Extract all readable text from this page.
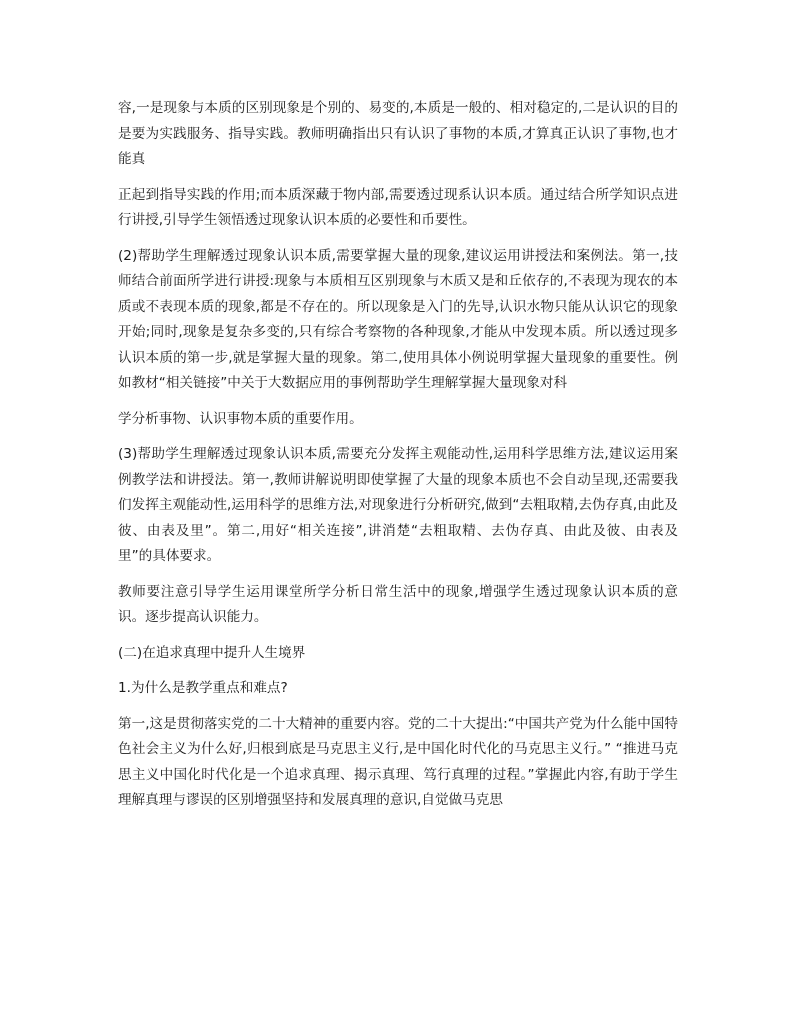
容,一是现象与本质的区别现象是个别的、易变的,本质是一般的、相对稳定的,二是认识的目的是要为实践服务、指导实践。教师明确指出只有认识了事物的本质,才算真正认识了事物,也才能真

正起到指导实践的作用;而本质深藏于物内部,需要透过现系认识本质。通过结合所学知识点进行讲授,引导学生领悟透过现象认识本质的必要性和币要性。

(2)帮助学生理解透过现象认识本质,需要掌握大量的现象,建议运用讲授法和案例法。第一,技师结合前面所学进行讲授:现象与本质相互区别现象与木质又是和丘依存的,不表现为现农的本质或不表现本质的现象,都是不存在的。所以现象是入门的先导,认识水物只能从认识它的现象开始;同时,现象是复杂多变的,只有综合考察物的各种现象,才能从中发现本质。所以透过现多认识本质的第一步,就是掌握大量的现象。第二,使用具体小例说明掌握大量现象的重要性。例如教材“相关链接”中关于大数据应用的事例帮助学生理解掌握大量现象对科

学分析事物、认识事物本质的重要作用。

(3)帮助学生理解透过现象认识本质,需要充分发挥主观能动性,运用科学思维方法,建议运用案例教学法和讲授法。第一,教师讲解说明即使掌握了大量的现象本质也不会自动呈现,还需要我们发挥主观能动性,运用科学的思维方法,对现象进行分析研究,做到“去粗取精,去伪存真,由此及彼、由表及里”。第二,用好“相关连接”,讲消楚“去粗取精、去伪存真、由此及彼、由表及里”的具体要求。

教师要注意引导学生运用课堂所学分析日常生活中的现象,增强学生透过现象认识本质的意识。逐步提高认识能力。

(二)在追求真理中提升人生境界

1.为什么是教学重点和难点?

第一,这是贯彻落实党的二十大精神的重要内容。党的二十大提出:“中国共产党为什么能中国特色社会主义为什么好,归根到底是马克思主义行,是中国化时代化的马克思主义行。” “推进马克思主义中国化时代化是一个追求真理、揭示真理、笃行真理的过程。”掌握此内容,有助于学生理解真理与谬误的区别增强坚持和发展真理的意识,自觉做马克思
